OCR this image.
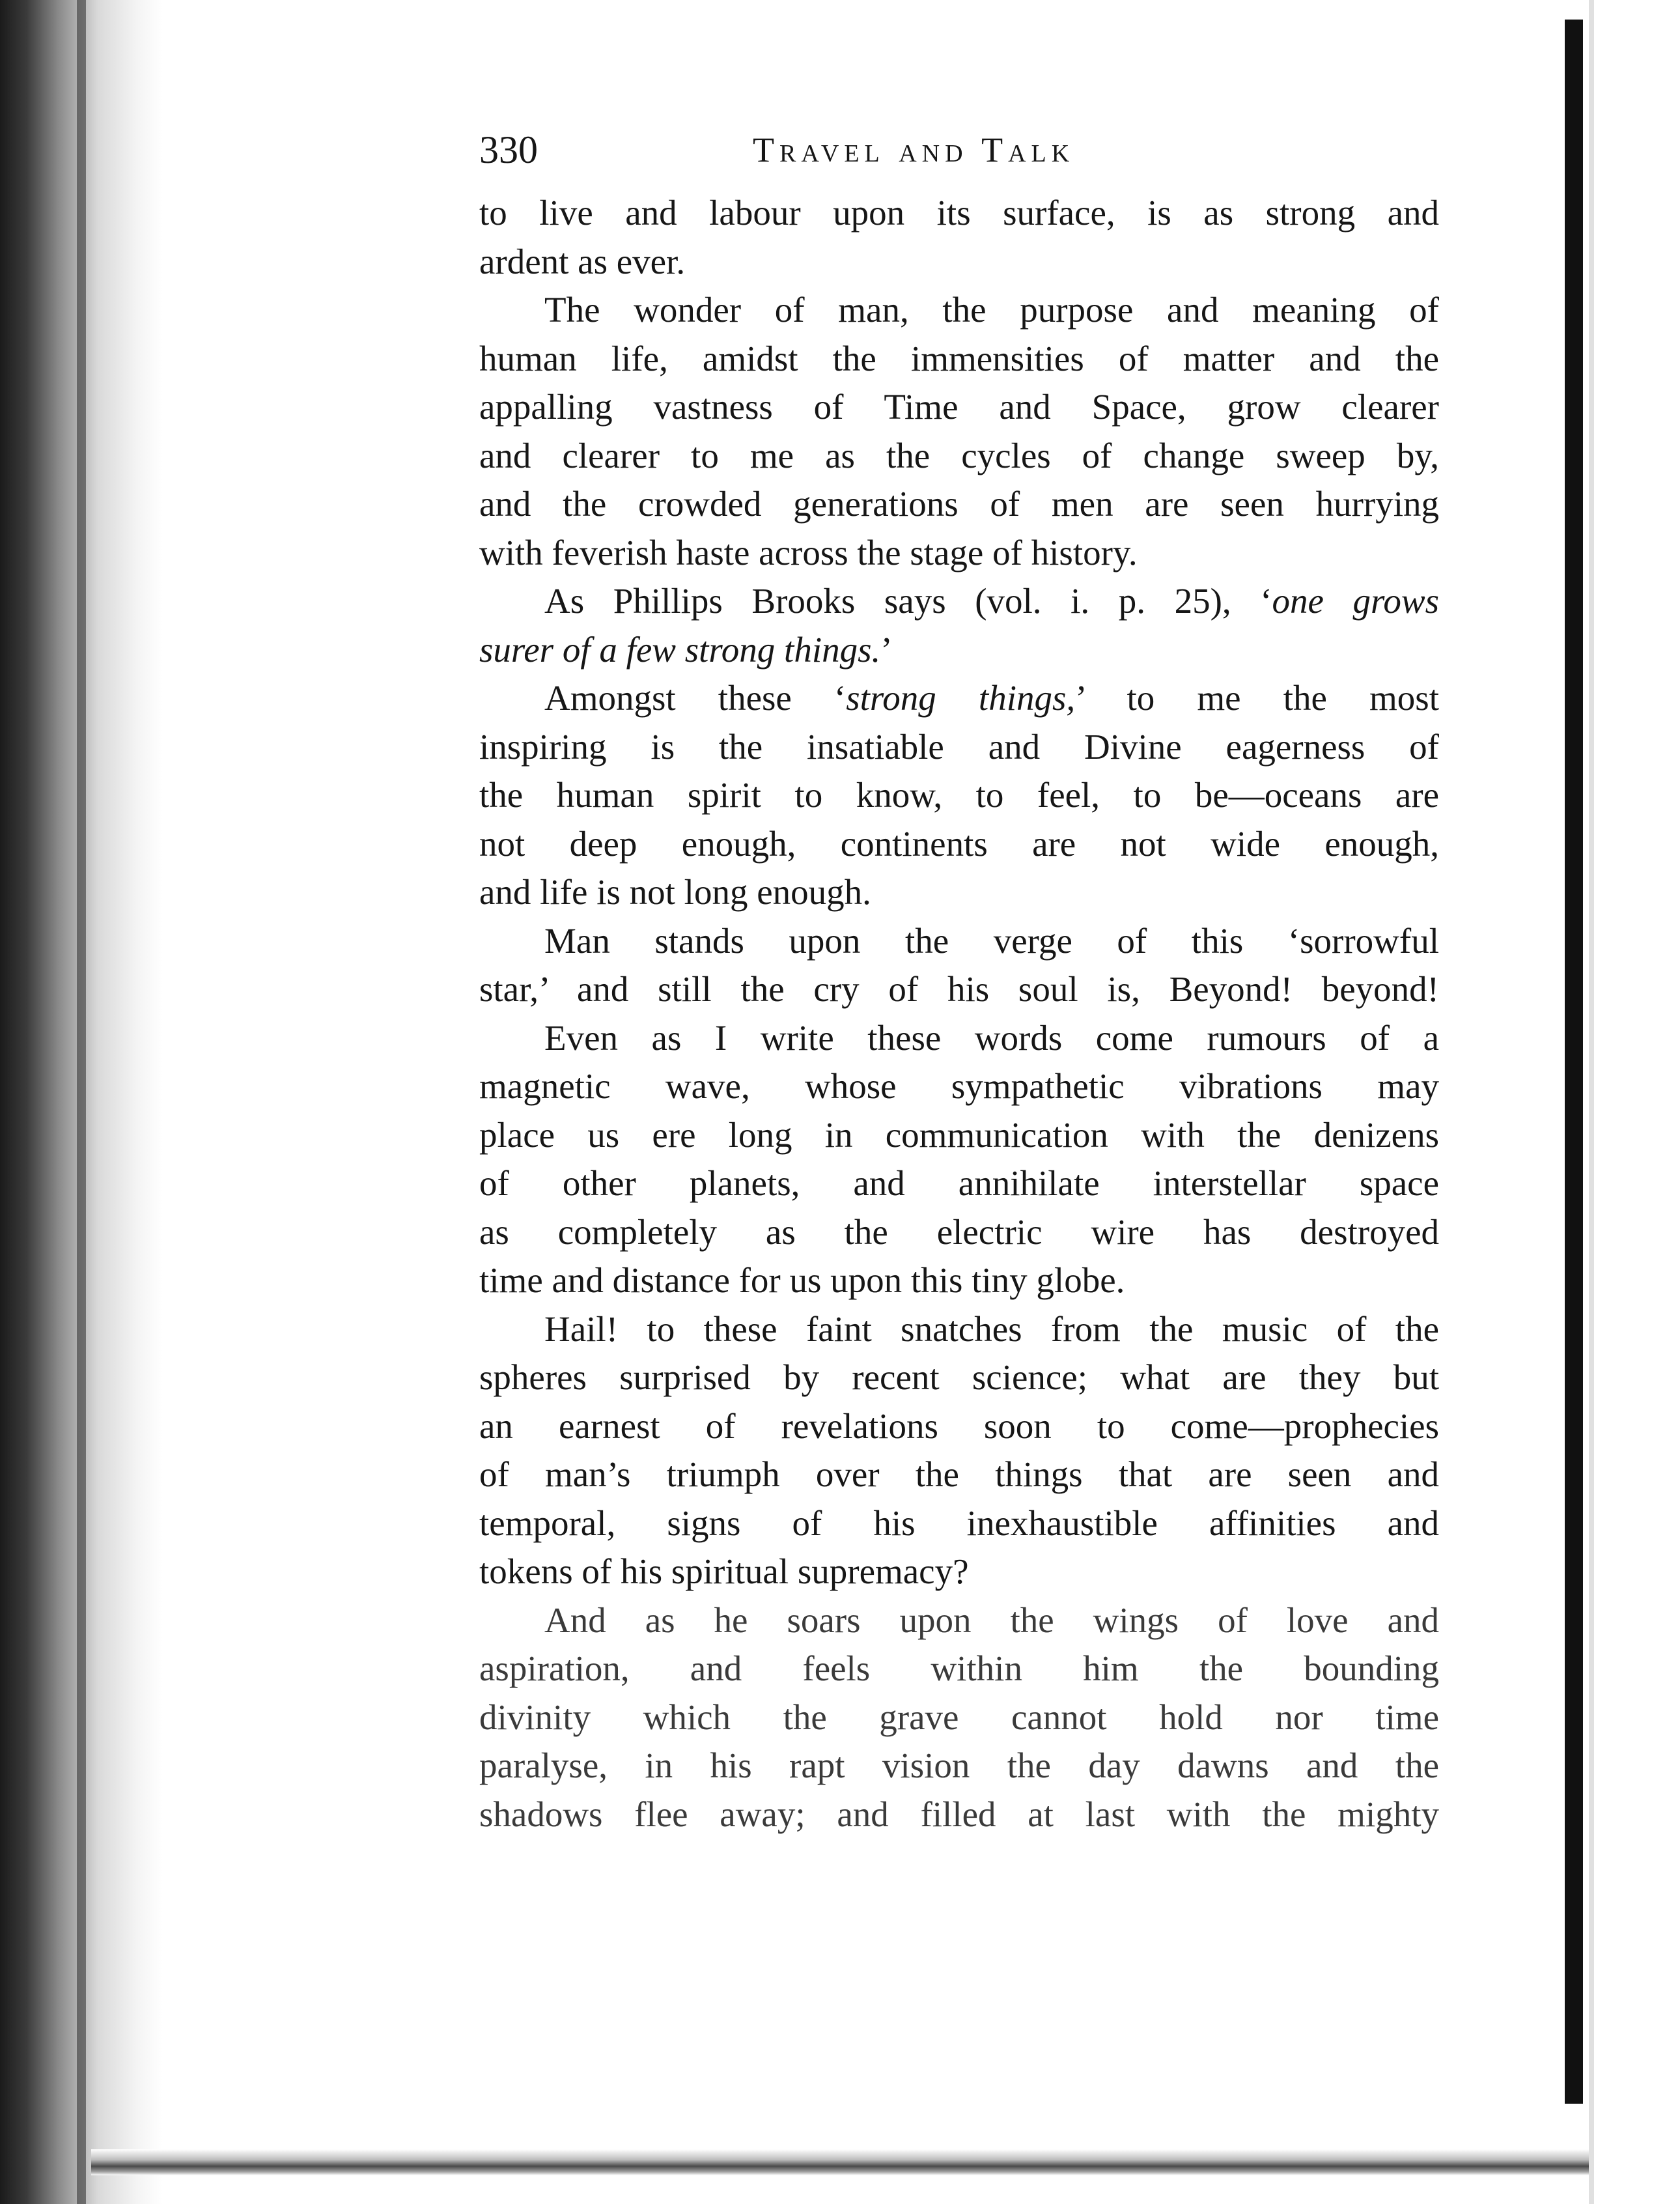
330	Travel and Talk

to live and labour upon its surface, is as strong and

ardent as ever.

The wonder of man, the purpose and meaning of

human life, amidst the immensities of matter and the

appalling vastness of Time and Space, grow clearer

and clearer to me as the cycles of change sweep by,

and the crowded generations of men are seen hurrying

with feverish haste across the stage of history.

As Phillips Brooks says (vol. i. p. 25), ‘one grows

surer of a few strong things.’

Amongst these ‘strong things,’ to me the most

inspiring is the insatiable and Divine eagerness of

the human spirit to know, to feel, to be—oceans are

not deep enough, continents are not wide enough,

and life is not long enough.

Man stands upon the verge of this ‘sorrowful

star,’ and still the cry of his soul is, Beyond! beyond!

Even as I write these words come rumours of a

magnetic wave, whose sympathetic vibrations may

place us ere long in communication with the denizens

of other planets, and annihilate interstellar space

as completely as the electric wire has destroyed

time and distance for us upon this tiny globe.

Hail! to these faint snatches from the music of the

spheres surprised by recent science; what are they but

an earnest of revelations soon to come—prophecies

of man’s triumph over the things that are seen and

temporal, signs of his inexhaustible affinities and

tokens of his spiritual supremacy?

And as he soars upon the wings of love and

aspiration, and feels within him the bounding

divinity which the grave cannot hold nor time

paralyse, in his rapt vision the day dawns and the

shadows flee away; and filled at last with the mighty
